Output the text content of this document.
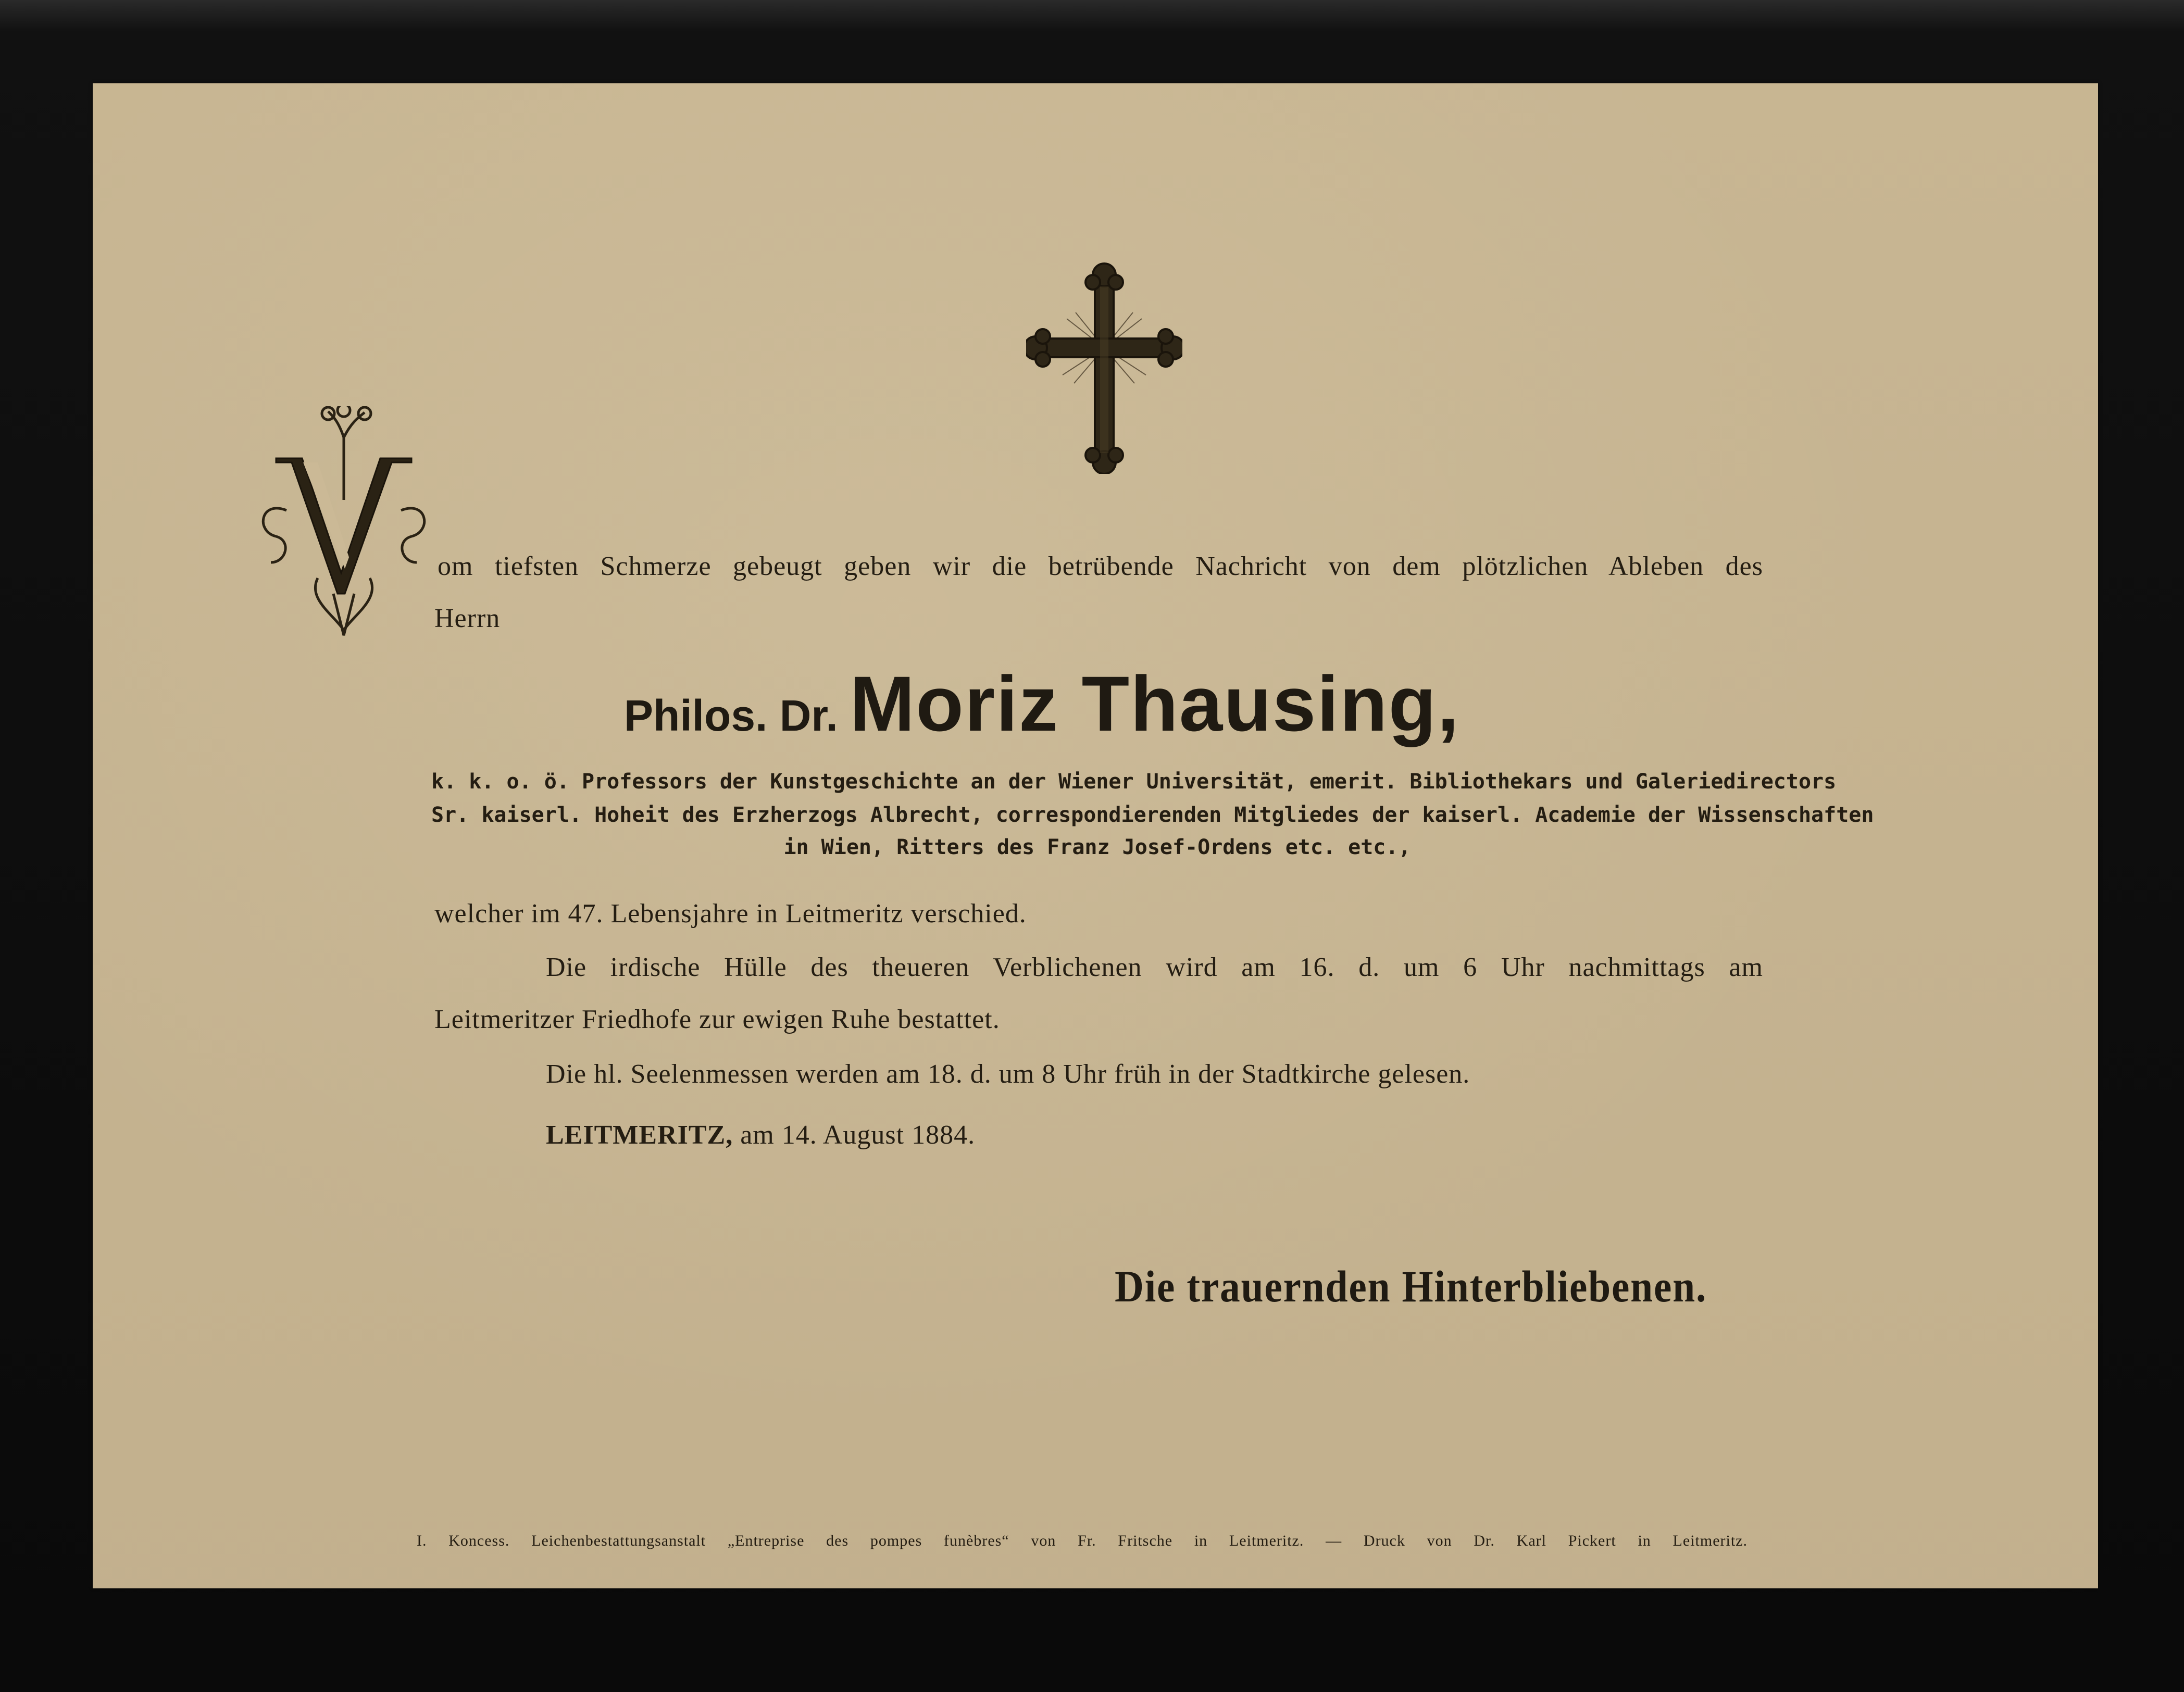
om tiefsten Schmerze gebeugt geben wir die betrübende Nachricht von dem plötzlichen Ableben des
Herrn
Philos. Dr. Moriz Thausing,
k. k. o. ö. Professors der Kunstgeschichte an der Wiener Universität, emerit. Bibliothekars und Galeriedirectors
Sr. kaiserl. Hoheit des Erzherzogs Albrecht, correspondierenden Mitgliedes der kaiserl. Academie der Wissenschaften
in Wien, Ritters des Franz Josef-Ordens etc. etc.,
welcher im 47. Lebensjahre in Leitmeritz verschied.
Die irdische Hülle des theueren Verblichenen wird am 16. d. um 6 Uhr nachmittags am
Leitmeritzer Friedhofe zur ewigen Ruhe bestattet.
Die hl. Seelenmessen werden am 18. d. um 8 Uhr früh in der Stadtkirche gelesen.
LEITMERITZ, am 14. August 1884.
Die trauernden Hinterbliebenen.
I. Koncess. Leichenbestattungsanstalt „Entreprise des pompes funèbres“ von Fr. Fritsche in Leitmeritz. — Druck von Dr. Karl Pickert in Leitmeritz.
